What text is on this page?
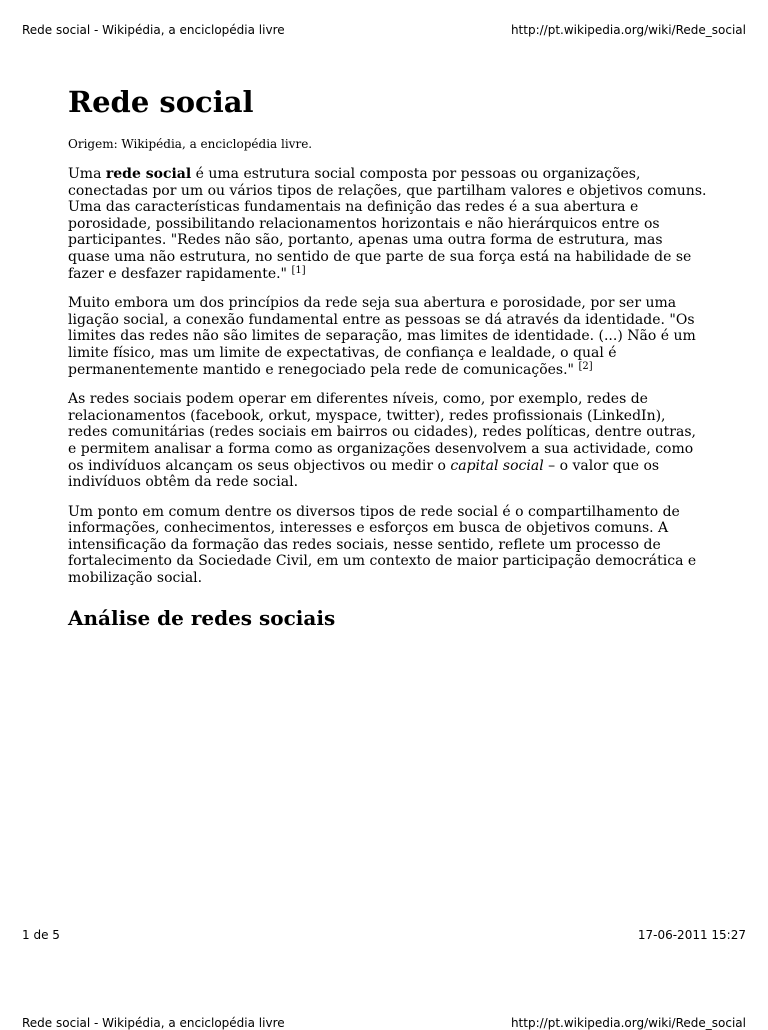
Rede social - Wikipédia, a enciclopédia livre	http://pt.wikipedia.org/wiki/Rede_social
Rede social
Origem: Wikipédia, a enciclopédia livre.

Uma rede social é uma estrutura social composta por pessoas ou organizações, conectadas por um ou vários tipos de relações, que partilham valores e objetivos comuns. Uma das características fundamentais na definição das redes é a sua abertura e porosidade, possibilitando relacionamentos horizontais e não hierárquicos entre os participantes. "Redes não são, portanto, apenas uma outra forma de estrutura, mas quase uma não estrutura, no sentido de que parte de sua força está na habilidade de se fazer e desfazer rapidamente." [1]

Muito embora um dos princípios da rede seja sua abertura e porosidade, por ser uma ligação social, a conexão fundamental entre as pessoas se dá através da identidade. "Os limites das redes não são limites de separação, mas limites de identidade. (...) Não é um limite físico, mas um limite de expectativas, de confiança e lealdade, o qual é permanentemente mantido e renegociado pela rede de comunicações." [2]

As redes sociais podem operar em diferentes níveis, como, por exemplo, redes de relacionamentos (facebook, orkut, myspace, twitter), redes profissionais (LinkedIn), redes comunitárias (redes sociais em bairros ou cidades), redes políticas, dentre outras, e permitem analisar a forma como as organizações desenvolvem a sua actividade, como os indivíduos alcançam os seus objectivos ou medir o capital social – o valor que os indivíduos obtêm da rede social.

Um ponto em comum dentre os diversos tipos de rede social é o compartilhamento de informações, conhecimentos, interesses e esforços em busca de objetivos comuns. A intensificação da formação das redes sociais, nesse sentido, reflete um processo de fortalecimento da Sociedade Civil, em um contexto de maior participação democrática e mobilização social.

Análise de redes sociais
1 de 5	17-06-2011 15:27
Rede social - Wikipédia, a enciclopédia livre	http://pt.wikipedia.org/wiki/Rede_social
